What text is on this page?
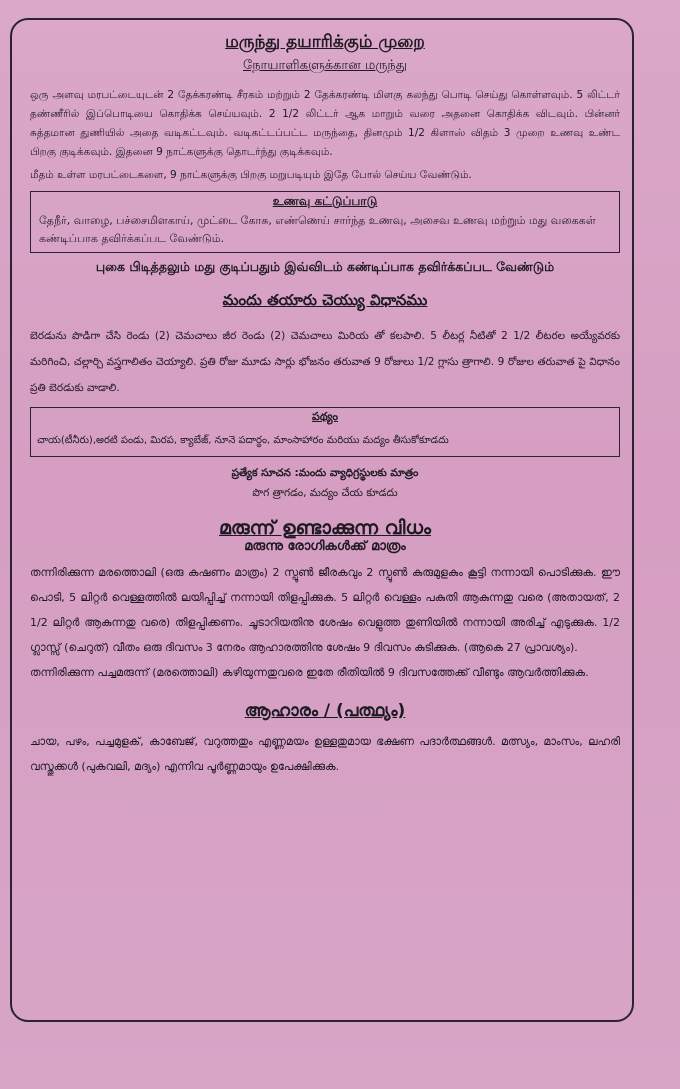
மருந்து தயாரிக்கும் முறை

நோயாளிகளுக்கான மருந்து

ஒரு அளவு மரபட்டையுடன் 2 தேக்கரண்டி சீரகம் மற்றும் 2 தேக்கரண்டி மிளகு கலந்து பொடி செய்து கொள்ளவும். 5 லிட்டர் தண்ணீரில் இப்பொடியை கொதிக்க செய்யவும். 2 1/2 லிட்டர் ஆக மாறும் வரை அதனை கொதிக்க விடவும். பின்னர் சுத்தமான துணியில் அதை வடிகட்டவும். வடிகட்டப்பட்ட மருந்தை, தினமும் 1/2 கிளாஸ் விதம் 3 முறை உணவு உண்ட பிறகு குடிக்கவும். இதனை 9 நாட்களுக்கு தொடர்ந்து குடிக்கவும்.

மீதம் உள்ள மரபட்டைகளை, 9 நாட்களுக்கு பிறகு மறுபடியும் இதே போல் செய்ய வேண்டும்.

உணவு கட்டுப்பாடு

தேநீர், வாழை, பச்சைமிளகாய், முட்டை கோசு, எண்ணெய் சார்ந்த உணவு, அசைவ உணவு மற்றும் மது வகைகள் கண்டிப்பாக தவிர்க்கப்பட வேண்டும்.

புகை பிடித்தலும் மது குடிப்பதும் இவ்விடம் கண்டிப்பாக தவிர்க்கப்பட வேண்டும்

మందు తయారు చెయ్యు విధానము

బెరడును పొడిగా చేసి రెండు (2) చెమచాలు జీర రెండు (2) చెమచాలు మిరియ తో కలపాలి. 5 లీటర్ల నీటితో 2 1/2 లీటరల అయ్యేవరకు మరిగించి, చల్లార్చి వస్త్రగాలితం చెయ్యాలి. ప్రతి రోజు మూడు సార్లు భోజనం తరువాత 9 రోజులు 1/2 గ్లాసు త్రాగాలి. 9 రోజుల తరువాత పై విధానం ప్రతి బెరడుకు వాడాలి.

పథ్యం

చాయ(టీనీరు),అరటి పండు, మిరప, క్యాబేజ్, నూనె పదార్థం, మాంసాహారం మరియు మద్యం తీసుకోకూడదు

ప్రత్యేక సూచన :మందు వ్యాధిగ్రస్థులకు మాత్రం

పొగ త్రాగడం, మద్యం చేయ కూడదు

മരുന്ന് ഉണ്ടാക്കുന്ന വിധം

മരുന്നു രോഗികൾക്ക് മാത്രം

തന്നിരിക്കുന്ന മരത്തൊലി (ഒരു കഷണം മാത്രം) 2 സ്പൂൺ ജീരകവും 2 സ്പൂൺ കുരുമുളകും കൂട്ടി നന്നായി പൊടിക്കുക. ഈ പൊടി, 5 ലിറ്റർ വെള്ളത്തിൽ ലയിപ്പിച്ച് നന്നായി തിളപ്പിക്കുക. 5 ലിറ്റർ വെള്ളം പകുതി ആകുന്നതു വരെ (അതായത്, 2 1/2 ലിറ്റർ ആകുന്നതു വരെ) തിളപ്പിക്കണം. ചൂടാറിയതിനു ശേഷം വെളുത്ത തുണിയിൽ നന്നായി അരിച്ച് എടുക്കുക. 1/2 ഗ്ലാസ്സ് (ചെറുത്) വീതം ഒരു ദിവസം 3 നേരം ആഹാരത്തിനു ശേഷം 9 ദിവസം കുടിക്കുക. (ആകെ 27 പ്രാവശ്യം).

തന്നിരിക്കുന്ന പച്ചമരുന്ന് (മരത്തൊലി) കഴിയുന്നതുവരെ ഇതേ രീതിയിൽ 9 ദിവസത്തേക്ക് വീണ്ടും ആവർത്തിക്കുക.

ആഹാരം / (പത്ഥ്യം)

ചായ, പഴം, പച്ചമുളക്, കാബേജ്, വറുത്തതും എണ്ണമയം ഉള്ളതുമായ ഭക്ഷണ പദാർത്ഥങ്ങൾ. മത്സ്യം, മാംസം, ലഹരി വസ്തുക്കൾ (പുകവലി, മദ്യം) എന്നിവ പൂർണ്ണമായും ഉപേക്ഷിക്കുക.
